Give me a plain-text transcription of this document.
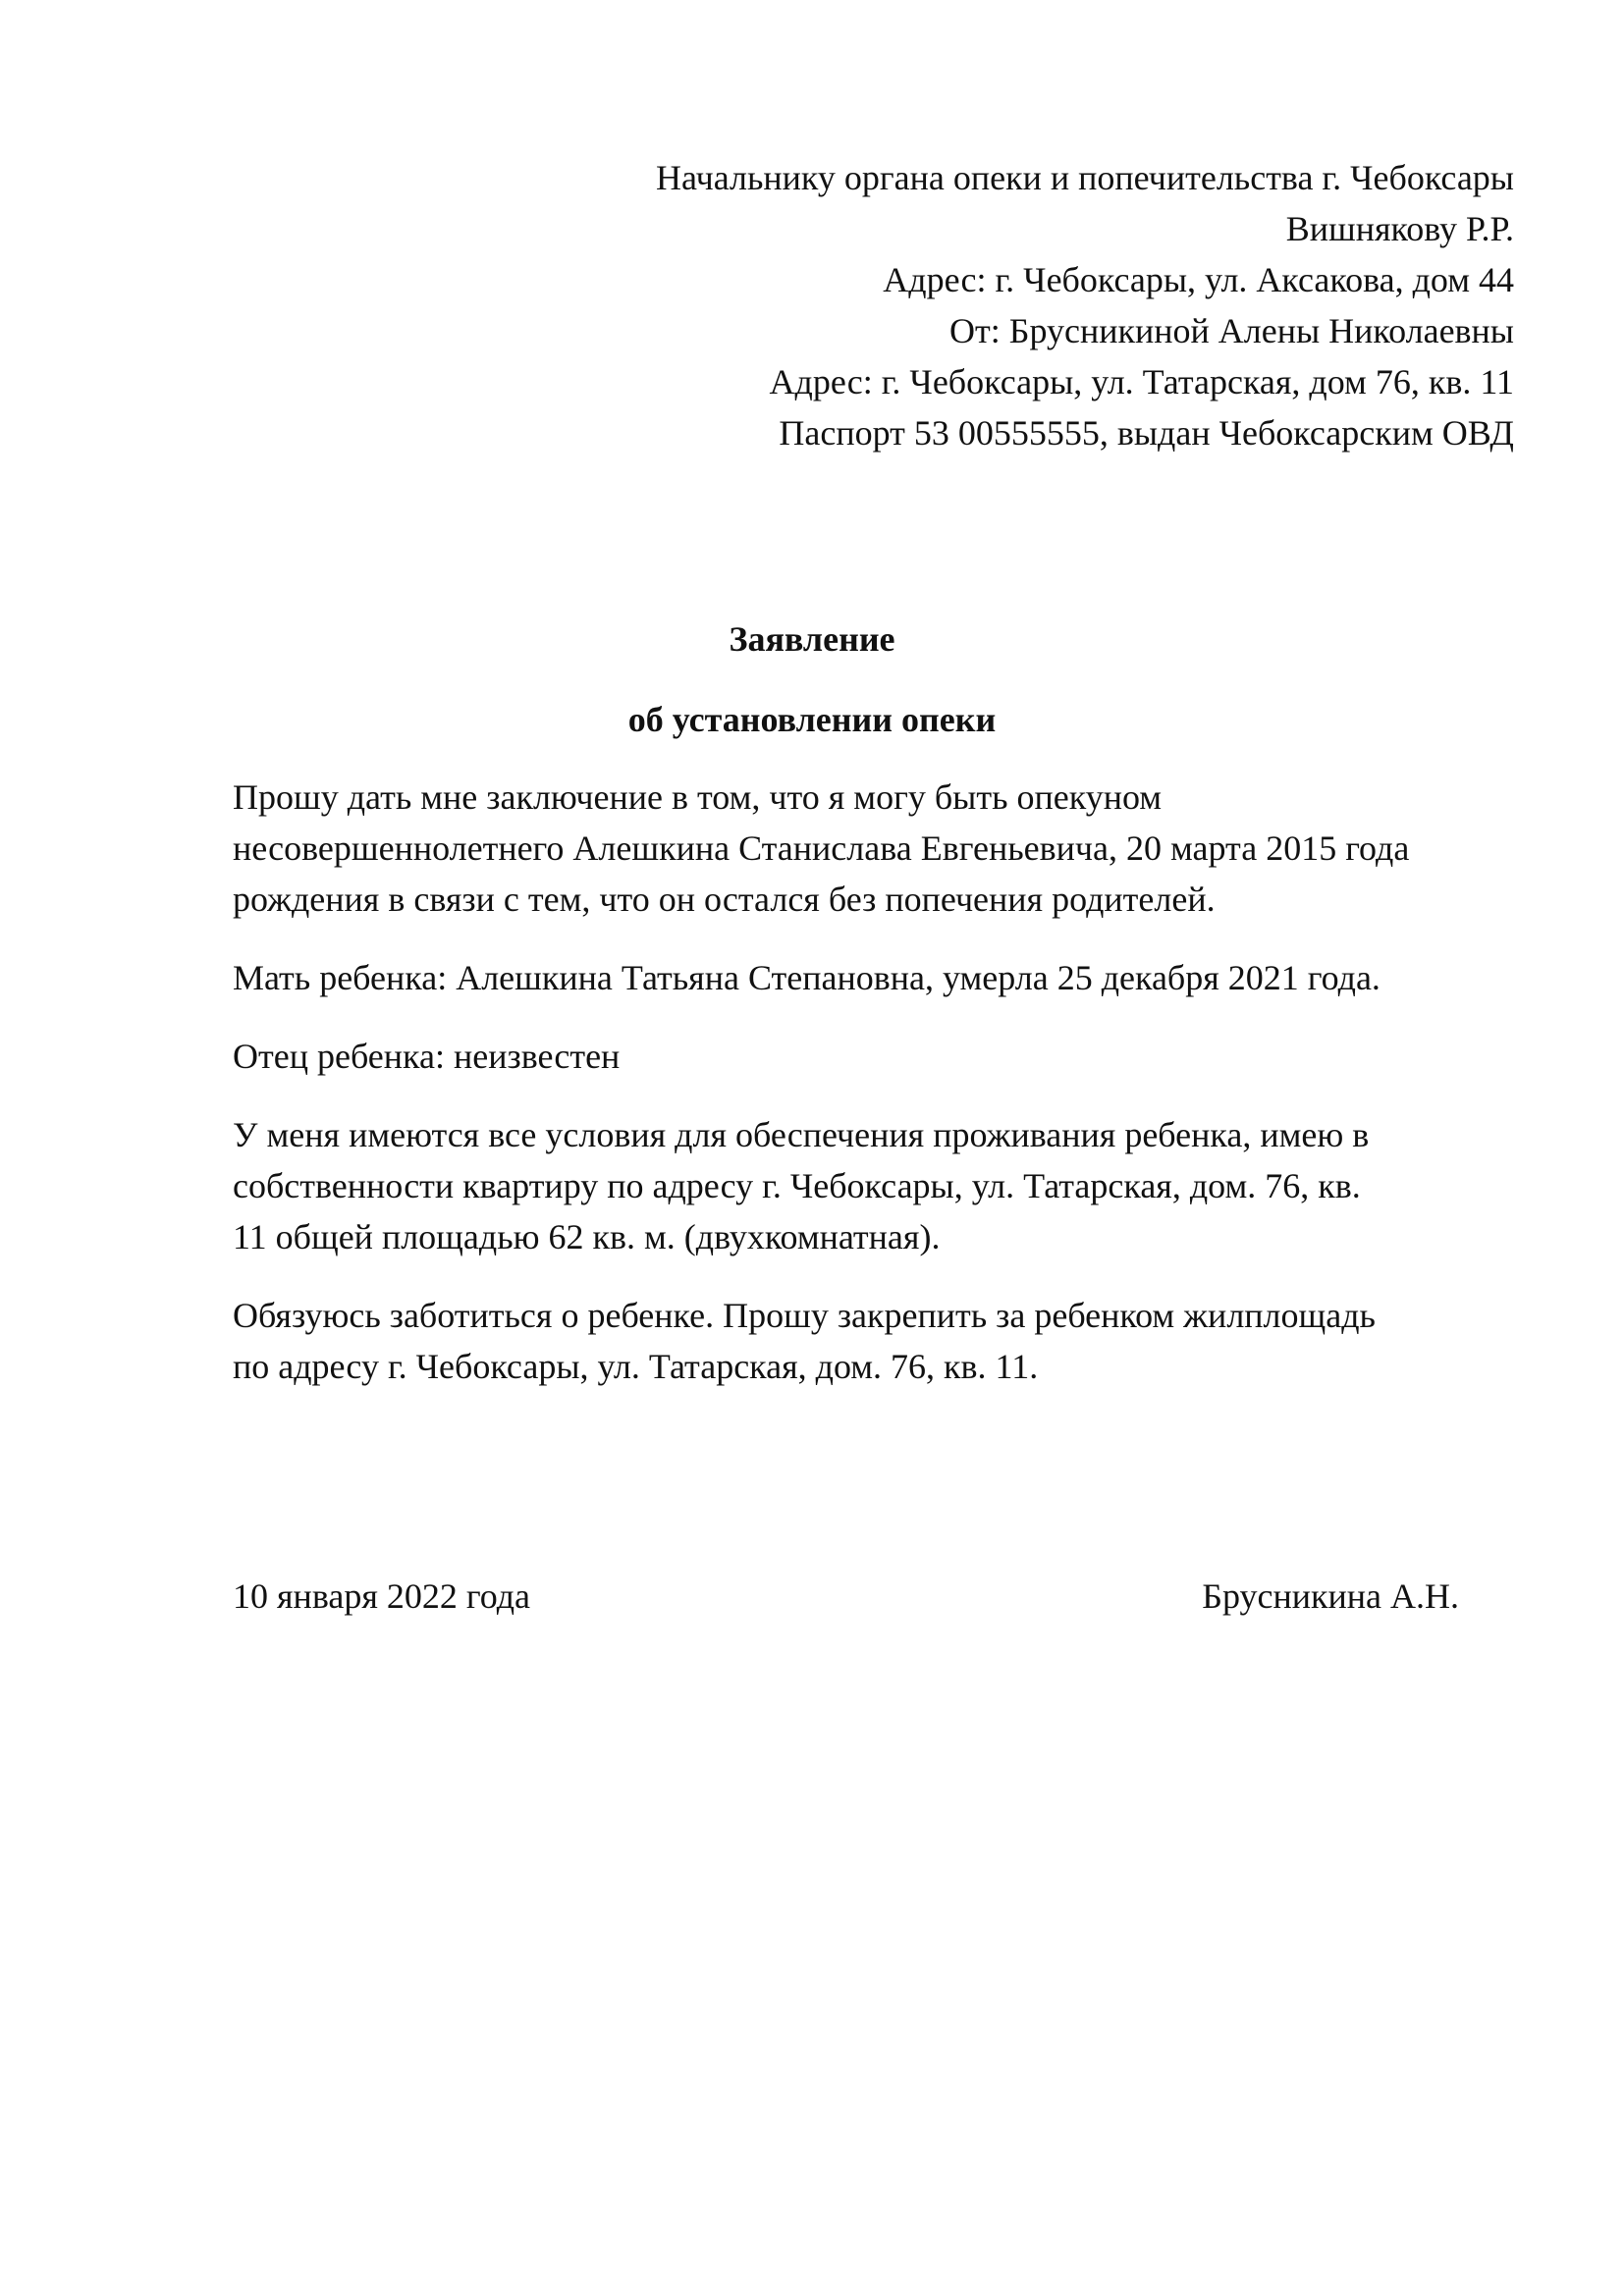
Начальнику органа опеки и попечительства г. Чебоксары
Вишнякову Р.Р.
Адрес: г. Чебоксары, ул. Аксакова, дом 44
От: Брусникиной Алены Николаевны
Адрес: г. Чебоксары, ул. Татарская, дом 76, кв. 11
Паспорт 53 00555555, выдан Чебоксарским ОВД
Заявление
об установлении опеки

Прошу дать мне заключение в том, что я могу быть опекуном
несовершеннолетнего Алешкина Станислава Евгеньевича, 20 марта 2015 года
рождения в связи с тем, что он остался без попечения родителей.

Мать ребенка: Алешкина Татьяна Степановна, умерла 25 декабря 2021 года.

Отец ребенка: неизвестен

У меня имеются все условия для обеспечения проживания ребенка, имею в
собственности квартиру по адресу г. Чебоксары, ул. Татарская, дом. 76, кв.
11 общей площадью 62 кв. м. (двухкомнатная).

Обязуюсь заботиться о ребенке. Прошу закрепить за ребенком жилплощадь
по адресу г. Чебоксары, ул. Татарская, дом. 76, кв. 11.

10 января 2022 года	Брусникина А.Н.
